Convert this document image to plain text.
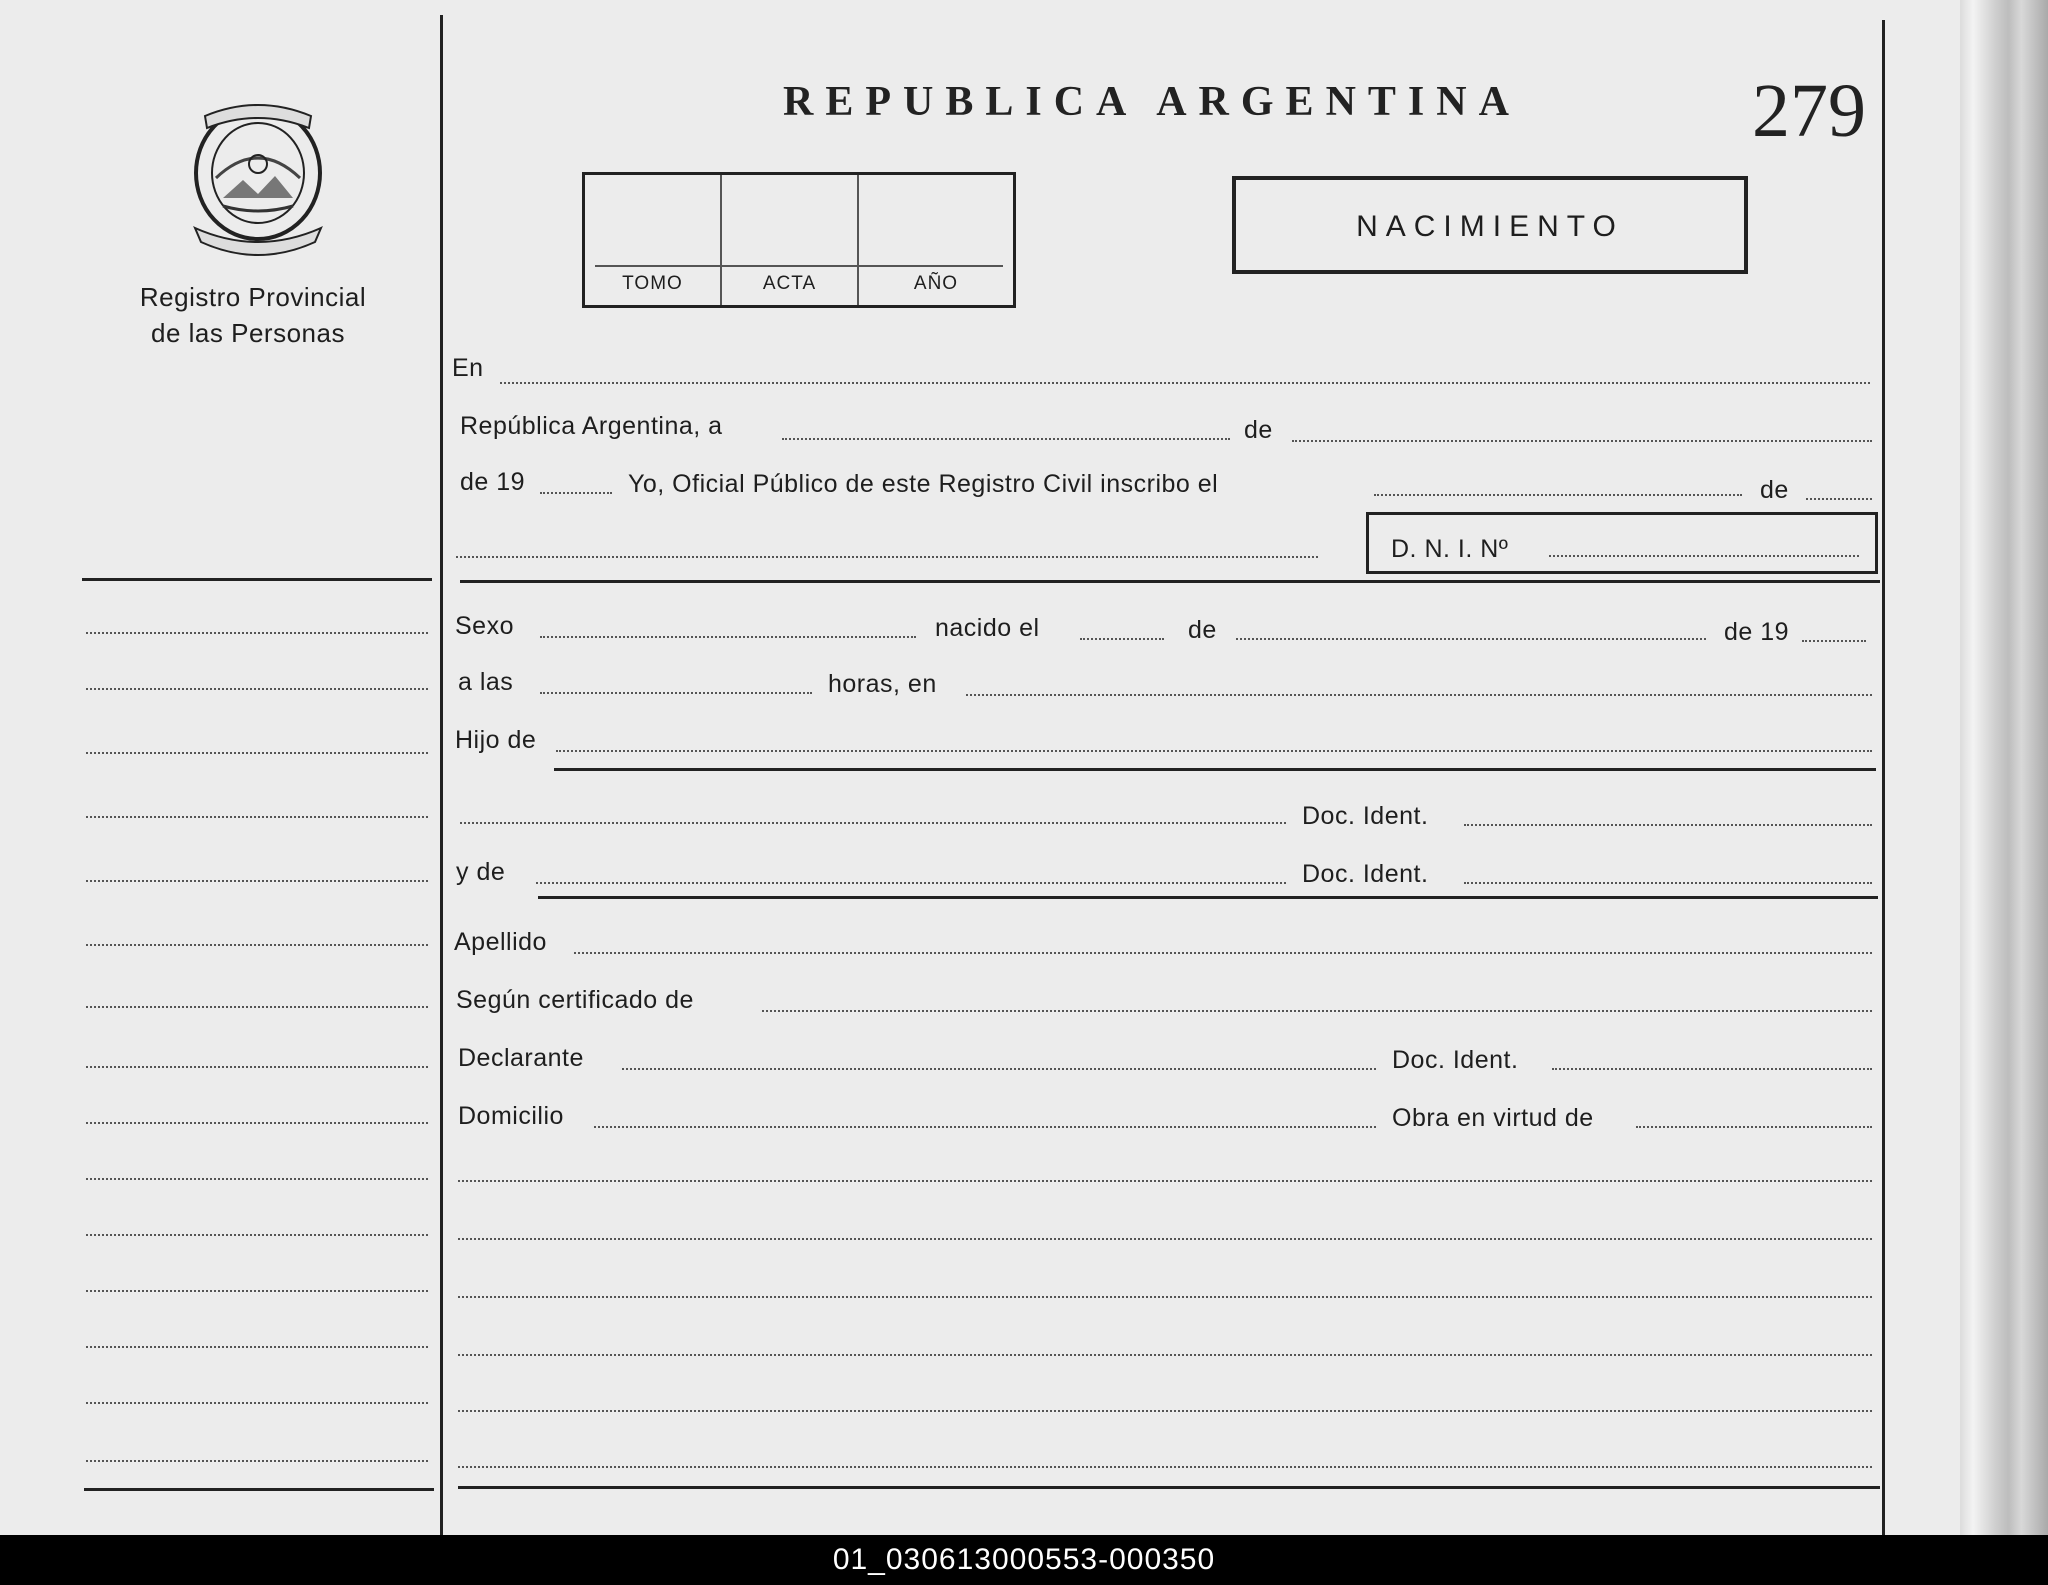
Registro Provincial
de las Personas
REPUBLICA ARGENTINA	279
TOMO	ACTA	AÑO
NACIMIENTO
En
República Argentina, a	de
de 19	Yo, Oficial Público de este Registro Civil inscribo el	de
D. N. I. Nº
Sexo	nacido el	de	de 19
a las	horas, en
Hijo de
Doc. Ident.
y de	Doc. Ident.
Apellido
Según certificado de
Declarante	Doc. Ident.
Domicilio	Obra en virtud de
01_030613000553-000350
